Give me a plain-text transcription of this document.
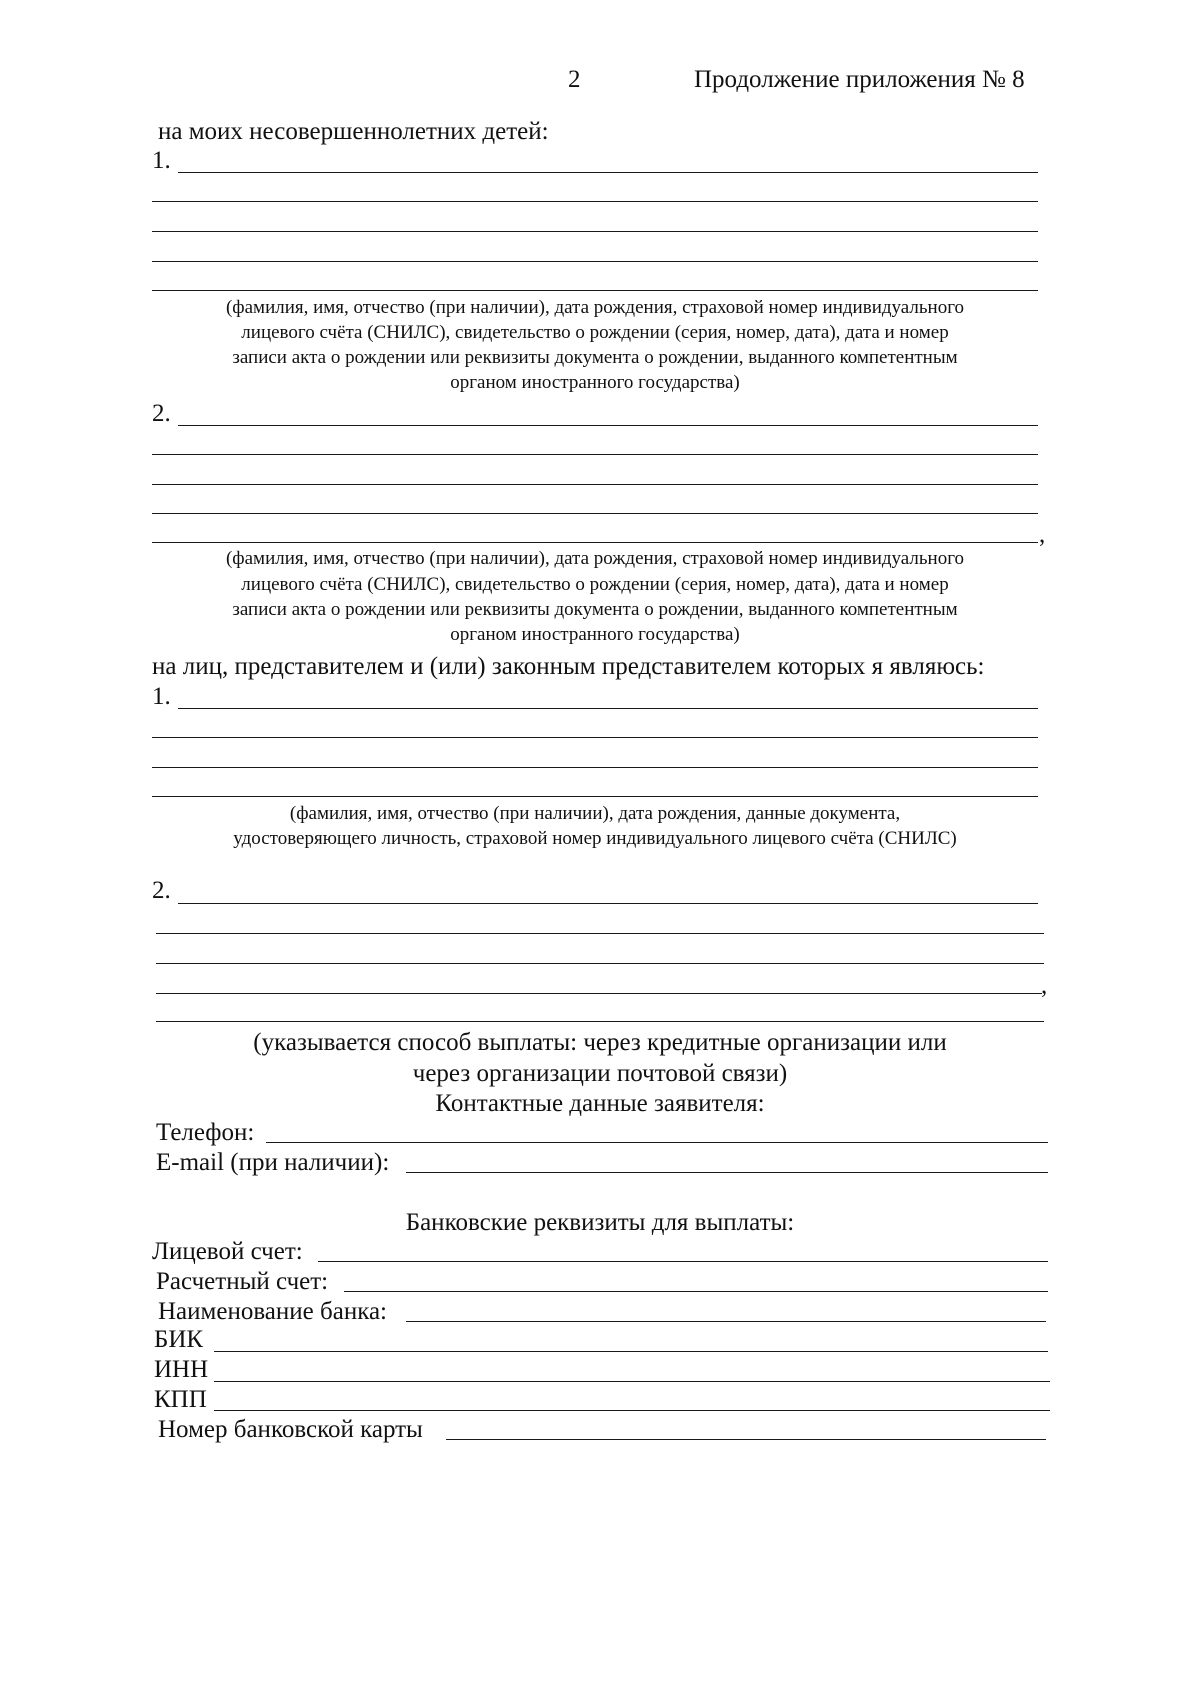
2	Продолжение приложения № 8
на моих несовершеннолетних детей:
1.
(фамилия, имя, отчество (при наличии), дата рождения, страховой номер индивидуального
лицевого счёта (СНИЛС), свидетельство о рождении (серия, номер, дата), дата и номер
записи акта о рождении или реквизиты документа о рождении, выданного компетентным
органом иностранного государства)
2.
,
(фамилия, имя, отчество (при наличии), дата рождения, страховой номер индивидуального
лицевого счёта (СНИЛС), свидетельство о рождении (серия, номер, дата), дата и номер
записи акта о рождении или реквизиты документа о рождении, выданного компетентным
органом иностранного государства)
на лиц, представителем и (или) законным представителем которых я являюсь:
1.
(фамилия, имя, отчество (при наличии), дата рождения, данные документа,
удостоверяющего личность, страховой номер индивидуального лицевого счёта (СНИЛС)
2.
,
(указывается способ выплаты: через кредитные организации или
через организации почтовой связи)
Контактные данные заявителя:
Телефон:
E-mail (при наличии):
Банковские реквизиты для выплаты:
Лицевой счет:
Расчетный счет:
Наименование банка:
БИК
ИНН
КПП
Номер банковской карты
